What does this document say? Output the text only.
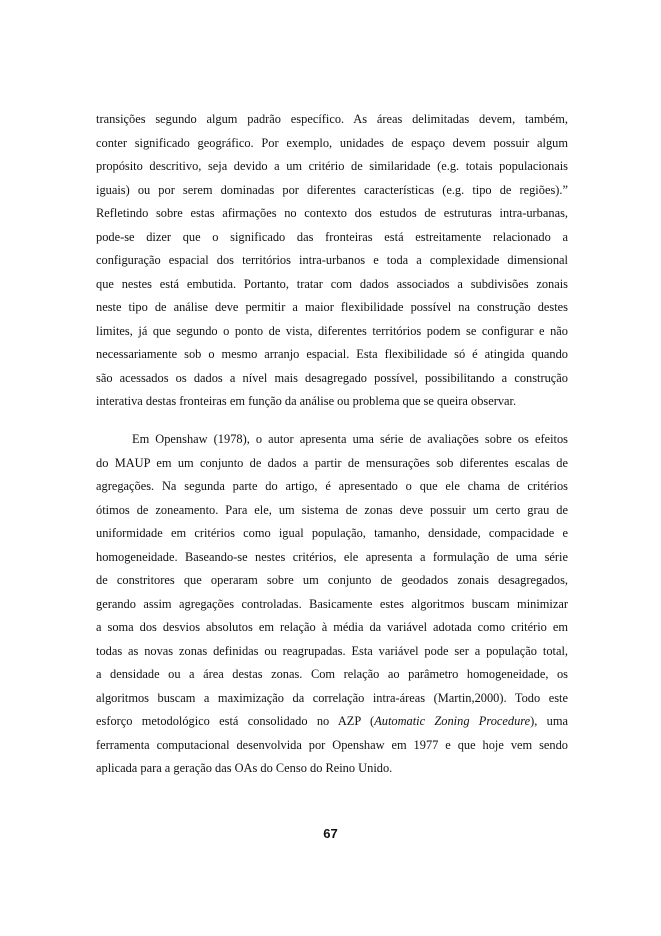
transições segundo algum padrão específico. As áreas delimitadas devem, também,
conter significado geográfico. Por exemplo, unidades de espaço devem possuir algum
propósito descritivo, seja devido a um critério de similaridade (e.g. totais populacionais
iguais) ou por serem dominadas por diferentes características (e.g. tipo de regiões).”
Refletindo sobre estas afirmações no contexto dos estudos de estruturas intra-urbanas,
pode-se dizer que o significado das fronteiras está estreitamente relacionado a
configuração espacial dos territórios intra-urbanos e toda a complexidade dimensional
que nestes está embutida. Portanto, tratar com dados associados a subdivisões zonais
neste tipo de análise deve permitir a maior flexibilidade possível na construção destes
limites, já que segundo o ponto de vista, diferentes territórios podem se configurar e não
necessariamente sob o mesmo arranjo espacial. Esta flexibilidade só é atingida quando
são acessados os dados a nível mais desagregado possível, possibilitando a construção
interativa destas fronteiras em função da análise ou problema que se queira observar.

Em Openshaw (1978), o autor apresenta uma série de avaliações sobre os efeitos
do MAUP em um conjunto de dados a partir de mensurações sob diferentes escalas de
agregações. Na segunda parte do artigo, é apresentado o que ele chama de critérios
ótimos de zoneamento. Para ele, um sistema de zonas deve possuir um certo grau de
uniformidade em critérios como igual população, tamanho, densidade, compacidade e
homogeneidade. Baseando-se nestes critérios, ele apresenta a formulação de uma série
de constritores que operaram sobre um conjunto de geodados zonais desagregados,
gerando assim agregações controladas. Basicamente estes algoritmos buscam minimizar
a soma dos desvios absolutos em relação à média da variável adotada como critério em
todas as novas zonas definidas ou reagrupadas. Esta variável pode ser a população total,
a densidade ou a área destas zonas. Com relação ao parâmetro homogeneidade, os
algoritmos buscam a maximização da correlação intra-áreas (Martin,2000). Todo este
esforço metodológico está consolidado no AZP (Automatic Zoning Procedure), uma
ferramenta computacional desenvolvida por Openshaw em 1977 e que hoje vem sendo
aplicada para a geração das OAs do Censo do Reino Unido.

67
